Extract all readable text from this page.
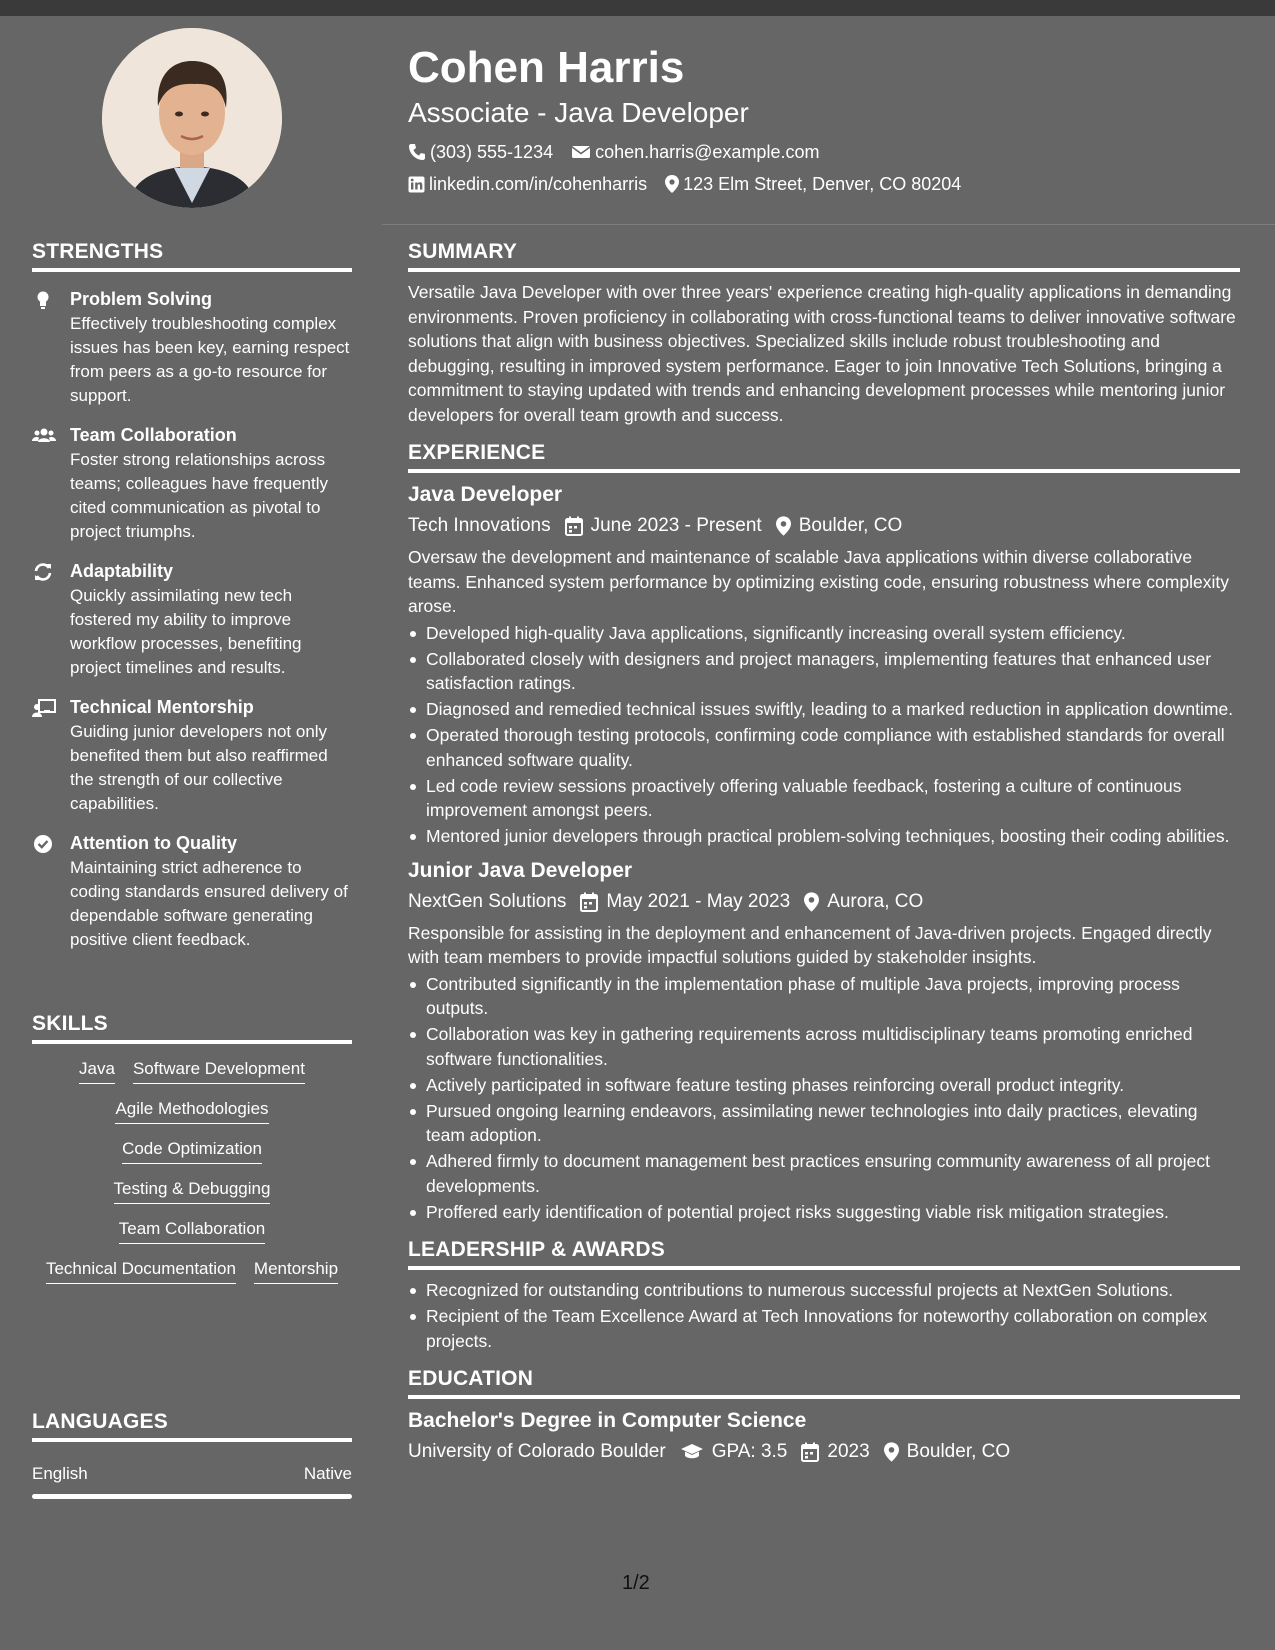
STRENGTHS
Problem Solving
Effectively troubleshooting complex issues has been key, earning respect from peers as a go-to resource for support.
Team Collaboration
Foster strong relationships across teams; colleagues have frequently cited communication as pivotal to project triumphs.
Adaptability
Quickly assimilating new tech fostered my ability to improve workflow processes, benefiting project timelines and results.
Technical Mentorship
Guiding junior developers not only benefited them but also reaffirmed the strength of our collective capabilities.
Attention to Quality
Maintaining strict adherence to coding standards ensured delivery of dependable software generating positive client feedback.
SKILLS
Java Software Development
Agile Methodologies
Code Optimization
Testing & Debugging
Team Collaboration
Technical Documentation Mentorship
LANGUAGES
English	Native
Cohen Harris
Associate - Java Developer
(303) 555-1234 cohen.harris@example.com
linkedin.com/in/cohenharris 123 Elm Street, Denver, CO 80204
SUMMARY
Versatile Java Developer with over three years' experience creating high-quality applications in demanding environments. Proven proficiency in collaborating with cross-functional teams to deliver innovative software solutions that align with business objectives. Specialized skills include robust troubleshooting and debugging, resulting in improved system performance. Eager to join Innovative Tech Solutions, bringing a commitment to staying updated with trends and enhancing development processes while mentoring junior developers for overall team growth and success.
EXPERIENCE
Java Developer
Tech Innovations June 2023 - Present Boulder, CO
Oversaw the development and maintenance of scalable Java applications within diverse collaborative teams. Enhanced system performance by optimizing existing code, ensuring robustness where complexity arose.
Developed high-quality Java applications, significantly increasing overall system efficiency.
Collaborated closely with designers and project managers, implementing features that enhanced user satisfaction ratings.
Diagnosed and remedied technical issues swiftly, leading to a marked reduction in application downtime.
Operated thorough testing protocols, confirming code compliance with established standards for overall enhanced software quality.
Led code review sessions proactively offering valuable feedback, fostering a culture of continuous improvement amongst peers.
Mentored junior developers through practical problem-solving techniques, boosting their coding abilities.
Junior Java Developer
NextGen Solutions May 2021 - May 2023 Aurora, CO
Responsible for assisting in the deployment and enhancement of Java-driven projects. Engaged directly with team members to provide impactful solutions guided by stakeholder insights.
Contributed significantly in the implementation phase of multiple Java projects, improving process outputs.
Collaboration was key in gathering requirements across multidisciplinary teams promoting enriched software functionalities.
Actively participated in software feature testing phases reinforcing overall product integrity.
Pursued ongoing learning endeavors, assimilating newer technologies into daily practices, elevating team adoption.
Adhered firmly to document management best practices ensuring community awareness of all project developments.
Proffered early identification of potential project risks suggesting viable risk mitigation strategies.
LEADERSHIP & AWARDS
Recognized for outstanding contributions to numerous successful projects at NextGen Solutions.
Recipient of the Team Excellence Award at Tech Innovations for noteworthy collaboration on complex projects.
EDUCATION
Bachelor's Degree in Computer Science
University of Colorado Boulder GPA: 3.5 2023 Boulder, CO
1/2
